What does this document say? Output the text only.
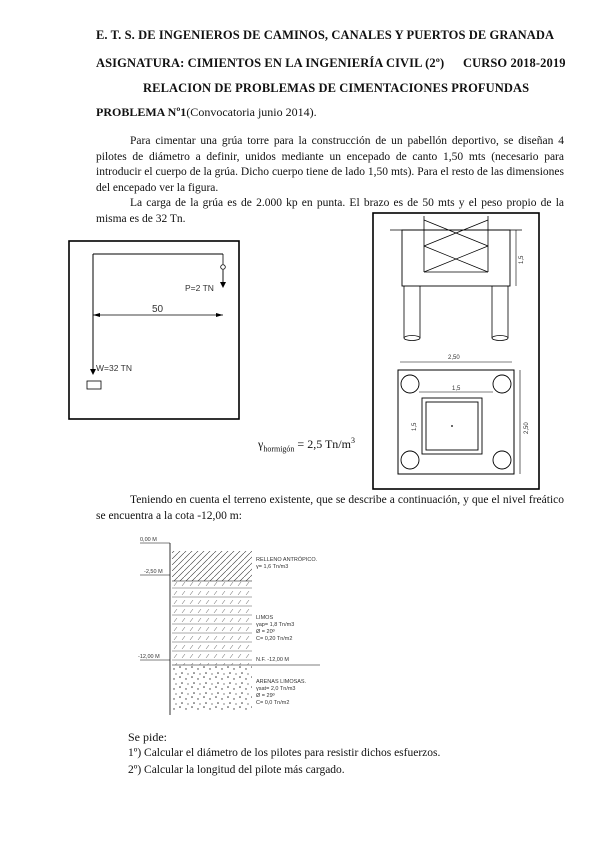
E. T. S. DE INGENIEROS DE CAMINOS, CANALES Y PUERTOS DE GRANADA
ASIGNATURA: CIMIENTOS EN LA INGENIERÍA CIVIL (2º) CURSO 2018-2019
RELACION DE PROBLEMAS DE CIMENTACIONES PROFUNDAS
PROBLEMA Nº1(Convocatoria junio 2014).
Para cimentar una grúa torre para la construcción de un pabellón deportivo, se diseñan 4 pilotes de diámetro a definir, unidos mediante un encepado de canto 1,50 mts (necesario para introducir el cuerpo de la grúa. Dicho cuerpo tiene de lado 1,50 mts). Para el resto de las dimensiones del encepado ver la figura.
La carga de la grúa es de 2.000 kp en punta. El brazo es de 50 mts y el peso propio de la misma es de 32 Tn.
P=2 TN
50
W=32 TN
1,5
2,50
1,5
1,5	2,50
$\gamma_{hormigón} = 2,5$ $Tn/m^3$
Teniendo en cuenta el terreno existente, que se describe a continuación, y que el nivel freático se encuentra a la cota -12,00 m:
0,00 M
-2,50 M
-12,00 M
RELLENO ANTRÓPICO.
γ= 1,6 Tn/m3
LIMOS
γap= 1,8 Tn/m3
Ø = 20º
C= 0,20 Tn/m2
N.F. -12,00 M
ARENAS LIMOSAS.
γsat= 2,0 Tn/m3
Ø = 29º
C= 0,0 Tn/m2
Se pide:
1º) Calcular el diámetro de los pilotes para resistir dichos esfuerzos.
2º) Calcular la longitud del pilote más cargado.
